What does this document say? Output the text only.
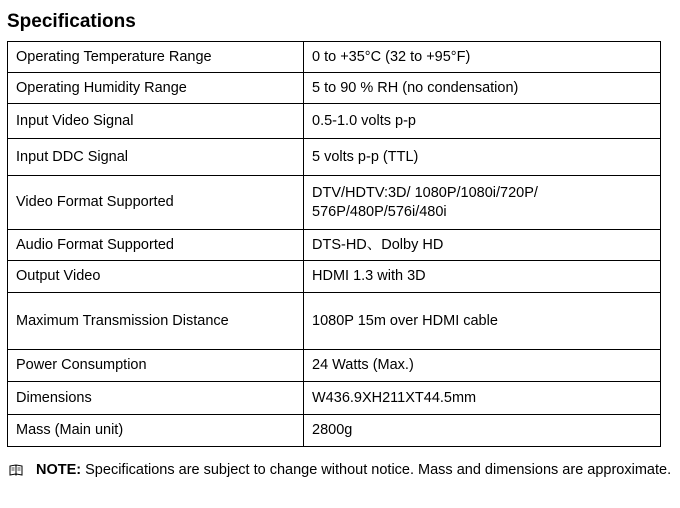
Specifications
Operating Temperature Range	0 to +35°C (32 to +95°F)
Operating Humidity Range	5 to 90 % RH (no condensation)
Input Video Signal	0.5-1.0 volts p-p
Input DDC Signal	5 volts p-p (TTL)
Video Format Supported	DTV/HDTV:3D/ 1080P/1080i/720P/
576P/480P/576i/480i
Audio Format Supported	DTS-HD、Dolby HD
Output Video	HDMI 1.3 with 3D
Maximum Transmission Distance	1080P 15m over HDMI cable
Power Consumption	24 Watts (Max.)
Dimensions	W436.9XH211XT44.5mm
Mass (Main unit)	2800g
NOTE: Specifications are subject to change without notice. Mass and dimensions are approximate.
